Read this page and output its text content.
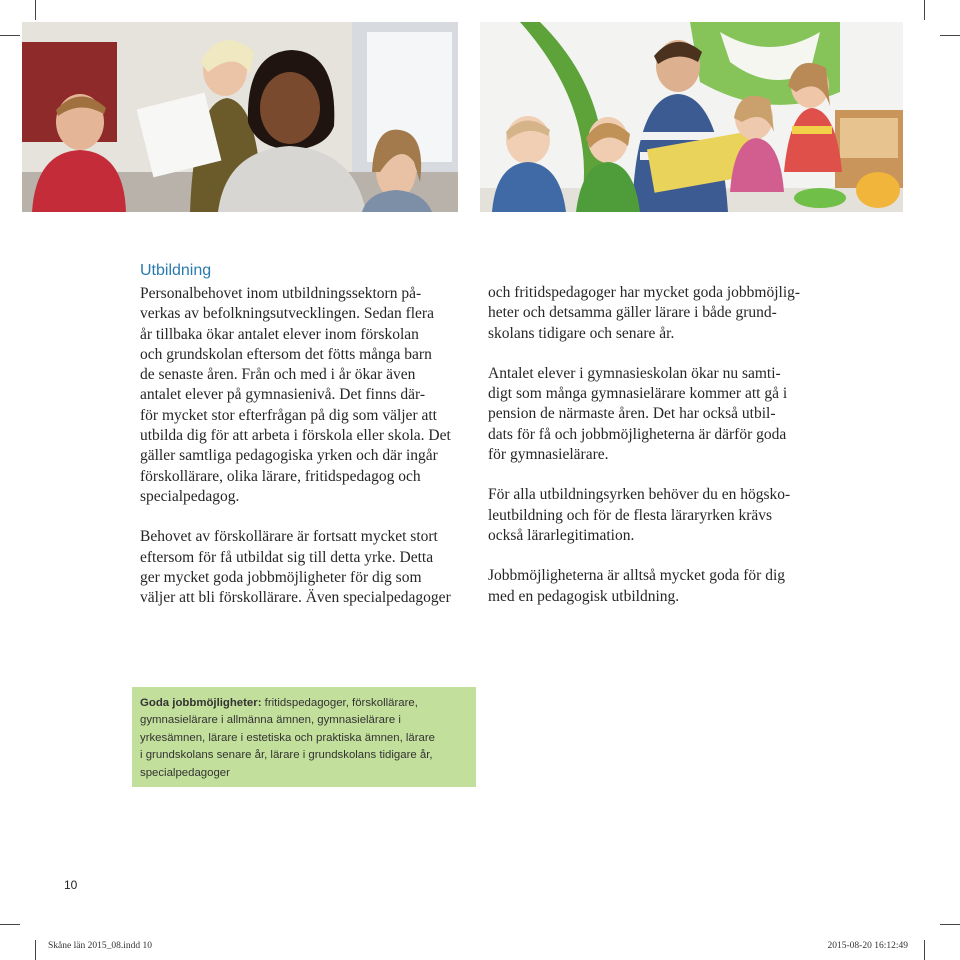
Utbildning

Personalbehovet inom utbildningssektorn på-
verkas av befolkningsutvecklingen. Sedan flera
år tillbaka ökar antalet elever inom förskolan
och grundskolan eftersom det fötts många barn
de senaste åren. Från och med i år ökar även
antalet elever på gymnasienivå. Det finns där-
för mycket stor efterfrågan på dig som väljer att
utbilda dig för att arbeta i förskola eller skola. Det
gäller samtliga pedagogiska yrken och där ingår
förskollärare, olika lärare, fritidspedagog och
specialpedagog.

Behovet av förskollärare är fortsatt mycket stort
eftersom för få utbildat sig till detta yrke. Detta
ger mycket goda jobbmöjligheter för dig som
väljer att bli förskollärare. Även specialpedagoger

och fritidspedagoger har mycket goda jobbmöjlig-
heter och detsamma gäller lärare i både grund-
skolans tidigare och senare år.

Antalet elever i gymnasieskolan ökar nu samti-
digt som många gymnasielärare kommer att gå i
pension de närmaste åren. Det har också utbil-
dats för få och jobbmöjligheterna är därför goda
för gymnasielärare.

För alla utbildningsyrken behöver du en högsko-
leutbildning och för de flesta läraryrken krävs
också lärarlegitimation.

Jobbmöjligheterna är alltså mycket goda för dig
med en pedagogisk utbildning.

Goda jobbmöjligheter: fritidspedagoger, förskollärare,
gymnasielärare i allmänna ämnen, gymnasielärare i
yrkesämnen, lärare i estetiska och praktiska ämnen, lärare
i grundskolans senare år, lärare i grundskolans tidigare år,
specialpedagoger
10
Skåne län 2015_08.indd 10	2015-08-20 16:12:49
